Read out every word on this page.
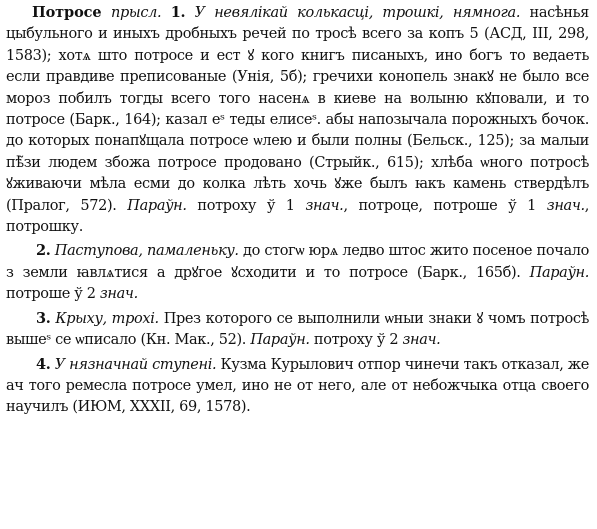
Потросе прысл. 1. У невялікай колькасці, трошкі, нямнога. насѣнья цыбульного и иныхъ дробныхъ речей по тросѣ всего за копъ 5 (АСД, III, 298, 1583); хотѧ што потросе и ест ꙋ кого книгъ писаныхъ, ино богъ то ведаеть если правдиве преписованые (Унія, 5б); гречихи конопель знакꙋ не было все мороз побилъ тогды всего того насенѧ в киеве на волыню кꙋповали, и то потросе (Барк., 164); казал е͏ˢ теды елисеˢ. абы напозычала порожныхъ бочок. до которых понапꙋщала потросе ѡлею и были полны (Бельск., 125); за малыи пѣ̃зи людем збожа потросе продовано (Стрыйк., 615); хлѣба ѡного потросѣ ꙋживаючи мѣла есми до колка лѣть хочь ꙋже былъ ꙗкъ камень ствердѣлъ (Пралог, 572). Параўн. потроху ў 1 знач., потроце, потроше ў 1 знач., потрошку.

2. Паступова, памаленьку. до стогѡ юрѧ ледво штос жито посеное почало з земли ꙗвлѧтися а дрꙋгое ꙋсходити и то потросе (Барк., 165б). Параўн. потроше ў 2 знач.

3. Крыху, трохі. През которого се выполнили ѡныи знаки ꙋ чомъ потросѣ вышеˢ се ѡписало (Кн. Мак., 52). Параўн. потроху ў 2 знач.

4. У нязначнай ступені. Кузма Курылович отпор чинечи такъ отказал, же ач того ремесла потросе умел, ино не от него, але от небожчыка отца своего научилъ (ИЮМ, XXXII, 69, 1578).
